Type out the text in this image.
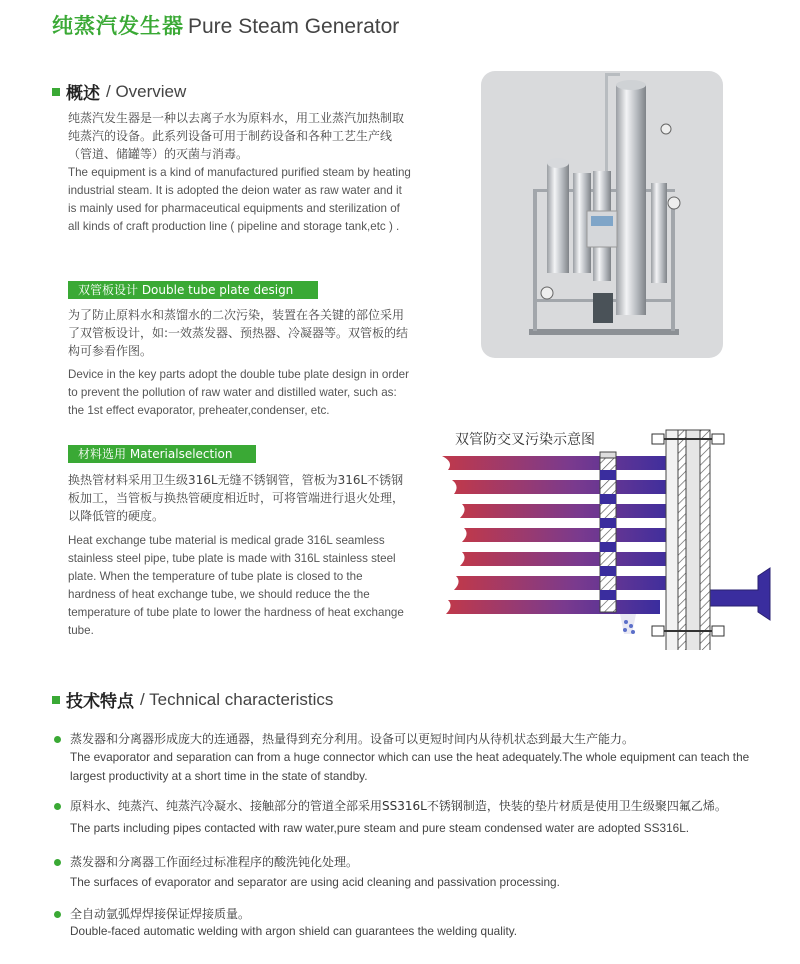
纯蒸汽发生器 Pure Steam Generator
概述 / Overview
纯蒸汽发生器是一种以去离子水为原料水，用工业蒸汽加热制取纯蒸汽的设备。此系列设备可用于制药设备和各种工艺生产线（管道、储罐等）的灭菌与消毒。
The equipment is a kind of manufactured purified steam by heating industrial steam. It is adopted the deion water as raw water and it is mainly used for pharmaceutical equipments and sterilization of all kinds of craft production line ( pipeline and storage tank,etc ) .
双管板设计 Double tube plate design
为了防止原料水和蒸馏水的二次污染，装置在各关键的部位采用了双管板设计，如:一效蒸发器、预热器、冷凝器等。双管板的结构可参看作图。
Device in the key parts adopt the double tube plate design in order to prevent the pollution of raw water and distilled water, such as: the 1st effect evaporator, preheater,condenser, etc.
材料选用 Materialselection
换热管材料采用卫生级316L无缝不锈钢管，管板为316L不锈钢板加工，当管板与换热管硬度相近时，可将管端进行退火处理，以降低管的硬度。
Heat exchange tube material is medical grade 316L seamless stainless steel pipe, tube plate is made with 316L stainless steel plate. When the temperature of tube plate is closed to the hardness of heat exchange tube, we should reduce the the temperature of tube plate to lower the hardness of heat exchange tube.
双管防交叉污染示意图
技术特点 / Technical characteristics
蒸发器和分离器形成庞大的连通器，热量得到充分利用。设备可以更短时间内从待机状态到最大生产能力。
The evaporator and separation can from a huge connector which can use the heat adequately.The whole equipment can teach the largest productivity at a short time in the state of standby.
原料水、纯蒸汽、纯蒸汽冷凝水、接触部分的管道全部采用SS316L不锈钢制造，快装的垫片材质是使用卫生级聚四氟乙烯。
The parts including pipes contacted with raw water,pure steam and pure steam condensed water are adopted SS316L.
蒸发器和分离器工作面经过标准程序的酸洗钝化处理。
The surfaces of evaporator and separator are using acid cleaning and passivation processing.
全自动氩弧焊焊接保证焊接质量。
Double-faced automatic welding with argon shield can guarantees the welding quality.
